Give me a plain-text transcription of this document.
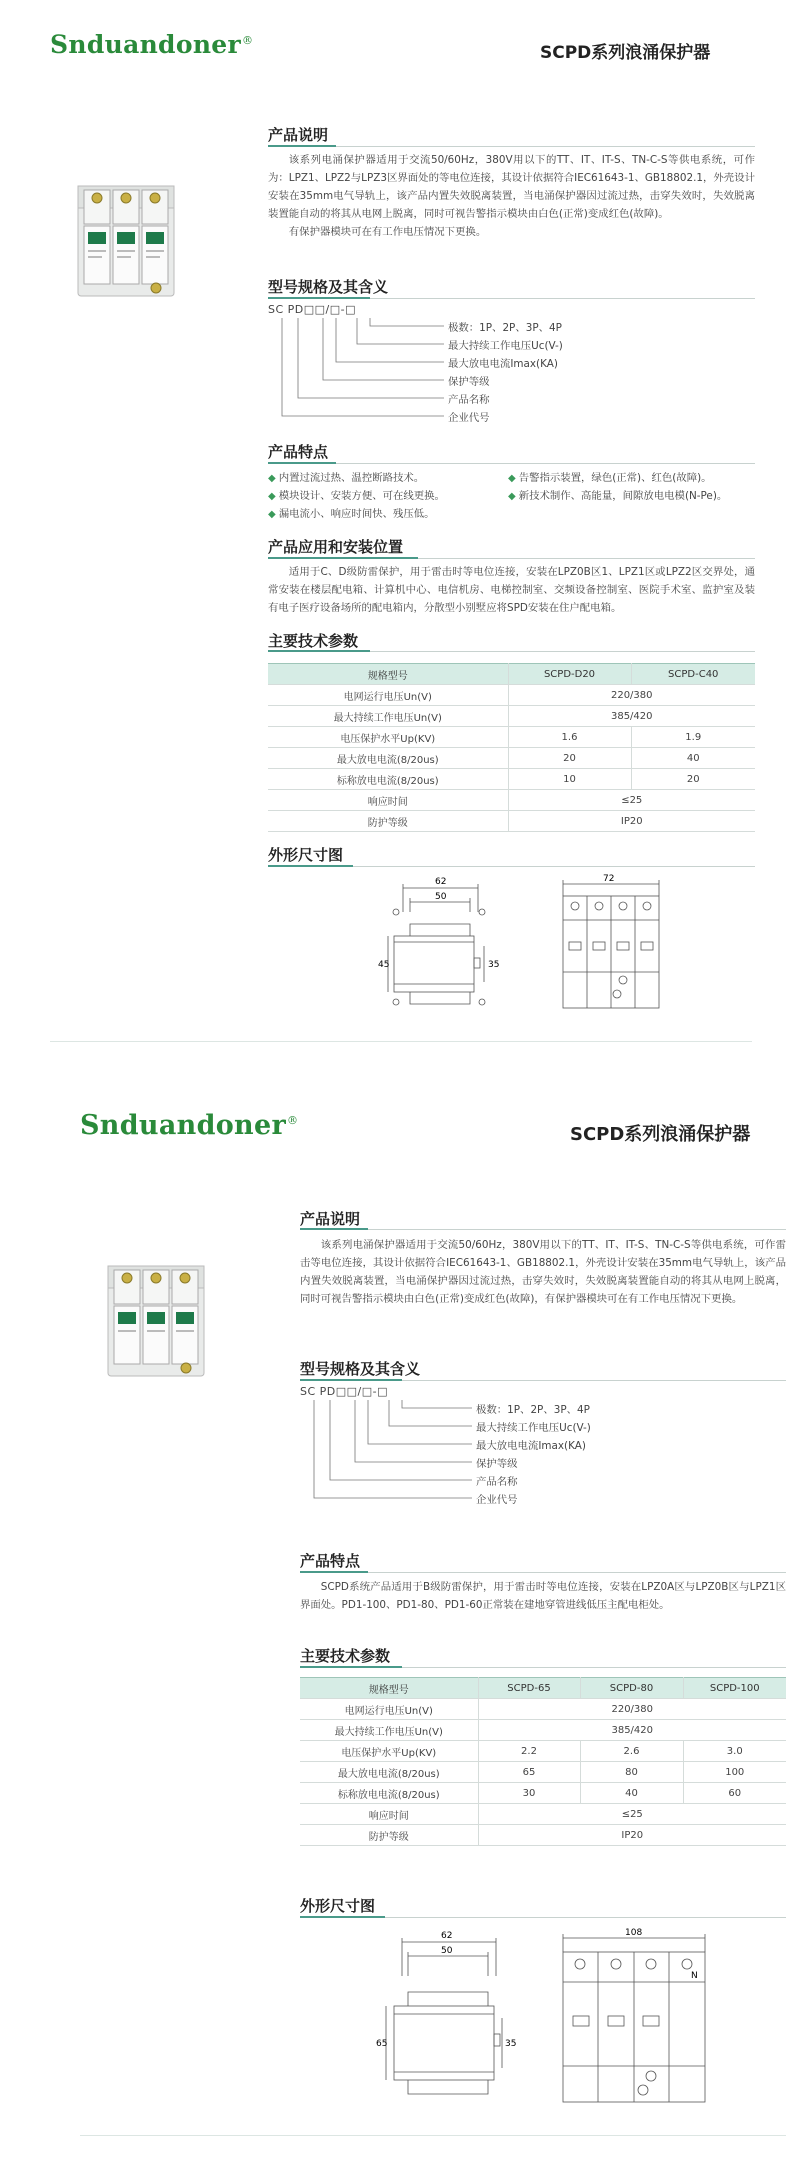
Snduandoner®
SCPD系列浪涌保护器
产品说明

该系列电涌保护器适用于交流50/60Hz，380V用以下的TT、IT、IT-S、TN-C-S等供电系统，可作为：LPZ1、LPZ2与LPZ3区界面处的等电位连接，其设计依据符合IEC61643-1、GB18802.1，外壳设计安装在35mm电气导轨上，该产品内置失效脱离装置，当电涌保护器因过流过热，击穿失效时，失效脱离装置能自动的将其从电网上脱离，同时可视告警指示模块由白色(正常)变成红色(故障)。

有保护器模块可在有工作电压情况下更换。

型号规格及其含义
SC PD□□/□-□
极数：1P、2P、3P、4P
最大持续工作电压Uc(V-)
最大放电电流Imax(KA)
保护等级
产品名称
企业代号
产品特点
◆ 内置过流过热、温控断路技术。	◆ 告警指示装置，绿色(正常)、红色(故障)。
◆ 模块设计、安装方便、可在线更换。	◆ 新技术制作、高能量，间隙放电电模(N-Pe)。
◆ 漏电流小、响应时间快、残压低。
产品应用和安装位置

适用于C、D级防雷保护，用于雷击时等电位连接，安装在LPZ0B区1、LPZ1区或LPZ2区交界处，通常安装在楼层配电箱、计算机中心、电信机房、电梯控制室、交频设备控制室、医院手术室、监护室及装有电子医疗设备场所的配电箱内，分散型小别墅应将SPD安装在住户配电箱。

主要技术参数
规格型号	SCPD-D20	SCPD-C40
电网运行电压Un(V)	220/380	
最大持续工作电压Un(V)	385/420	
电压保护水平Up(KV)	1.6	1.9
最大放电电流(8/20us)	20	40
标称放电电流(8/20us)	10	20
响应时间	≤25	
防护等级	IP20	
外形尺寸图
62
50
45	35
72
Snduandoner®
SCPD系列浪涌保护器
产品说明

该系列电涌保护器适用于交流50/60Hz，380V用以下的TT、IT、IT-S、TN-C-S等供电系统，可作雷击等电位连接，其设计依据符合IEC61643-1、GB18802.1，外壳设计安装在35mm电气导轨上，该产品内置失效脱离装置，当电涌保护器因过流过热，击穿失效时，失效脱离装置能自动的将其从电网上脱离，同时可视告警指示模块由白色(正常)变成红色(故障)，有保护器模块可在有工作电压情况下更换。

型号规格及其含义
SC PD□□/□-□
极数：1P、2P、3P、4P
最大持续工作电压Uc(V-)
最大放电电流Imax(KA)
保护等级
产品名称
企业代号
产品特点

SCPD系统产品适用于B级防雷保护，用于雷击时等电位连接，安装在LPZ0A区与LPZ0B区与LPZ1区界面处。PD1-100、PD1-80、PD1-60正常装在建地穿管进线低压主配电柜处。

主要技术参数
规格型号	SCPD-65	SCPD-80	SCPD-100
电网运行电压Un(V)	220/380		
最大持续工作电压Un(V)	385/420		
电压保护水平Up(KV)	2.2	2.6	3.0
最大放电电流(8/20us)	65	80	100
标称放电电流(8/20us)	30	40	60
响应时间	≤25		
防护等级	IP20		
外形尺寸图
62
50
65	35
108
N
